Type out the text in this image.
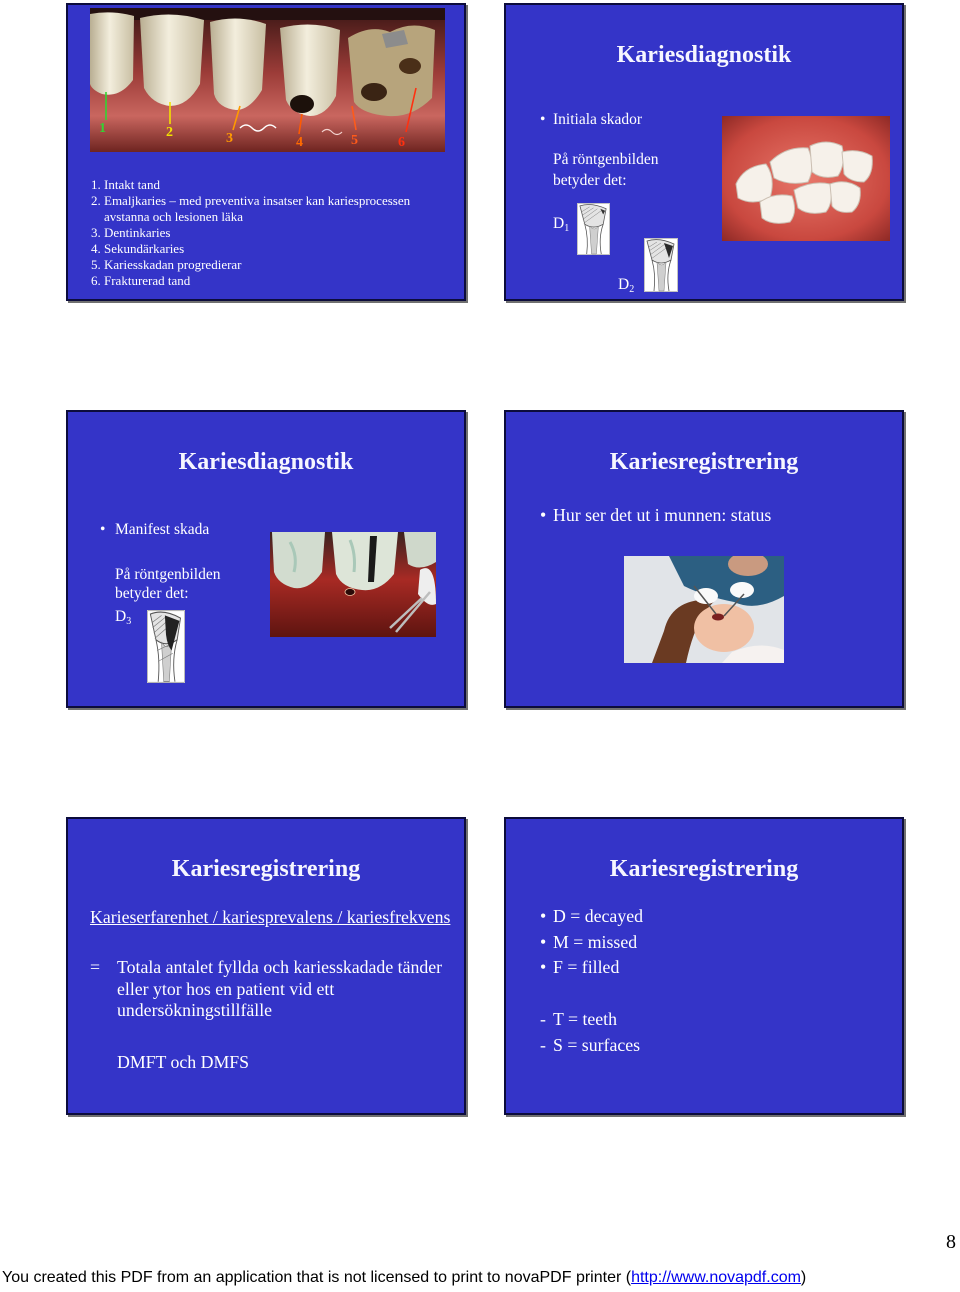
1	2	3	4	5	6
1. Intakt tand
2. Emaljkaries – med preventiva insatser kan kariesprocessen avstanna och lesionen läka
3. Dentinkaries
4. Sekundärkaries
5. Kariesskadan progredierar
6. Frakturerad tand
Kariesdiagnostik
• Initiala skador
På röntgenbilden
betyder det:
$D_1$
$D_2$
Kariesdiagnostik
• Manifest skada
På röntgenbilden
betyder det:
$D_3$
Kariesregistrering
• Hur ser det ut i munnen: status
Kariesregistrering
Karieserfarenhet / kariesprevalens / kariesfrekvens
= Totala antalet fyllda och kariesskadade tänder
eller ytor hos en patient vid ett
undersökningstillfälle
DMFT och DMFS
Kariesregistrering
• D = decayed
• M = missed
• F = filled
- T = teeth
- S = surfaces
8
You created this PDF from an application that is not licensed to print to novaPDF printer (http://www.novapdf.com)
